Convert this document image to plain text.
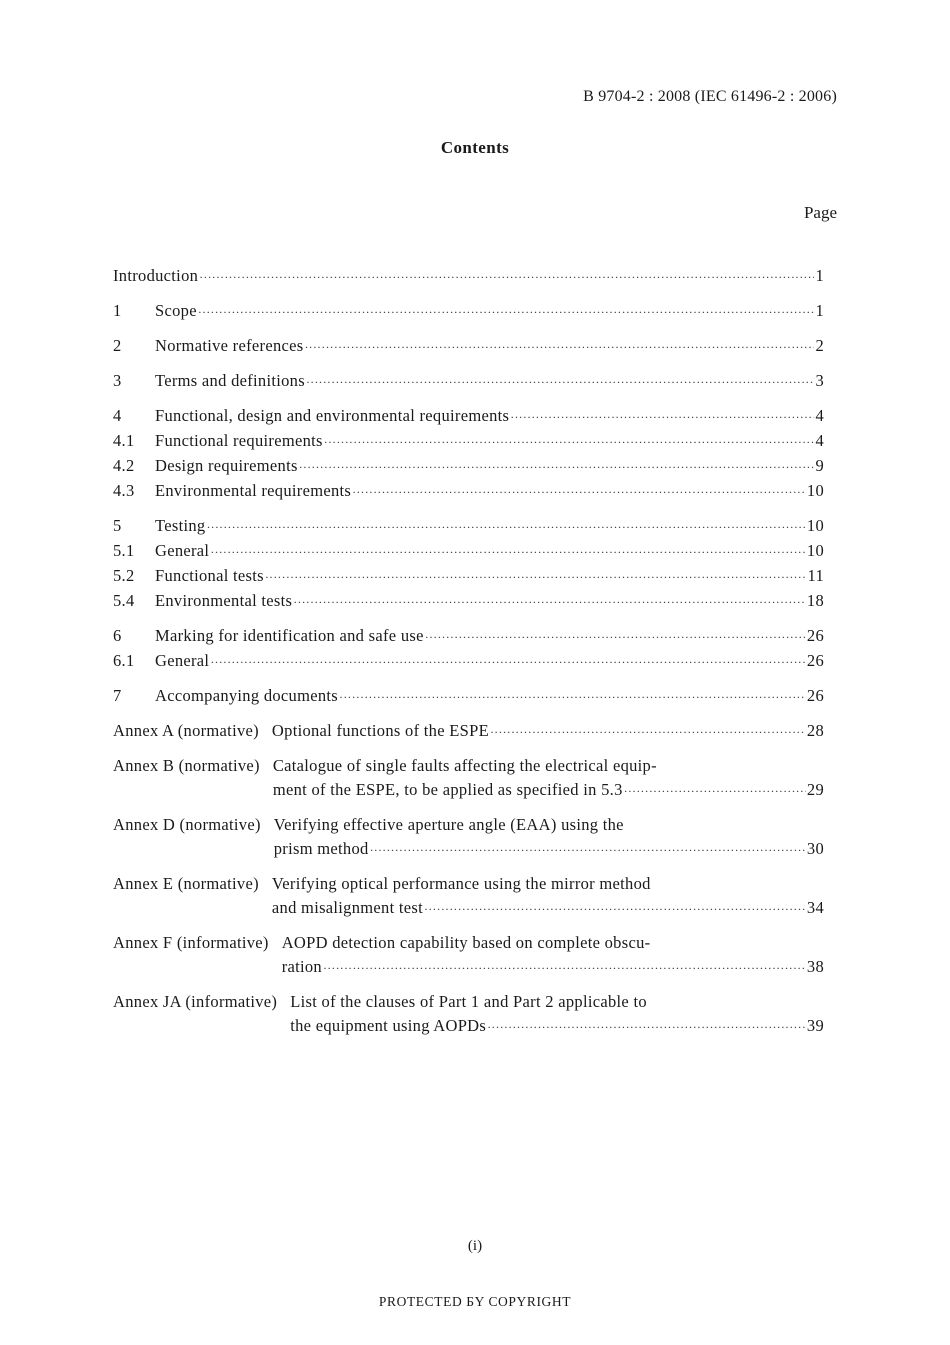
B 9704-2 : 2008 (IEC 61496-2 : 2006)
Contents
Page
Introduction ·····	1
1	Scope ·····	1
2	Normative references ·····	2
3	Terms and definitions ·····	3
4	Functional, design and environmental requirements ·····	4
4.1	Functional requirements ·····	4
4.2	Design requirements ·····	9
4.3	Environmental requirements ·····	10
5	Testing ·····	10
5.1	General ·····	10
5.2	Functional tests ·····	11
5.4	Environmental tests ·····	18
6	Marking for identification and safe use ·····	26
6.1	General ·····	26
7	Accompanying documents ·····	26
Annex A (normative) Optional functions of the ESPE ·····	28
Annex B (normative) Catalogue of single faults affecting the electrical equip-
ment of the ESPE, to be applied as specified in 5.3 ·····	29
Annex D (normative) Verifying effective aperture angle (EAA) using the
prism method ·····	30
Annex E (normative) Verifying optical performance using the mirror method
and misalignment test ·····	34
Annex F (informative) AOPD detection capability based on complete obscu-
ration ·····	38
Annex JA (informative) List of the clauses of Part 1 and Part 2 applicable to
the equipment using AOPDs ·····	39
(i)
PROTECTED БY COPYRIGHT
